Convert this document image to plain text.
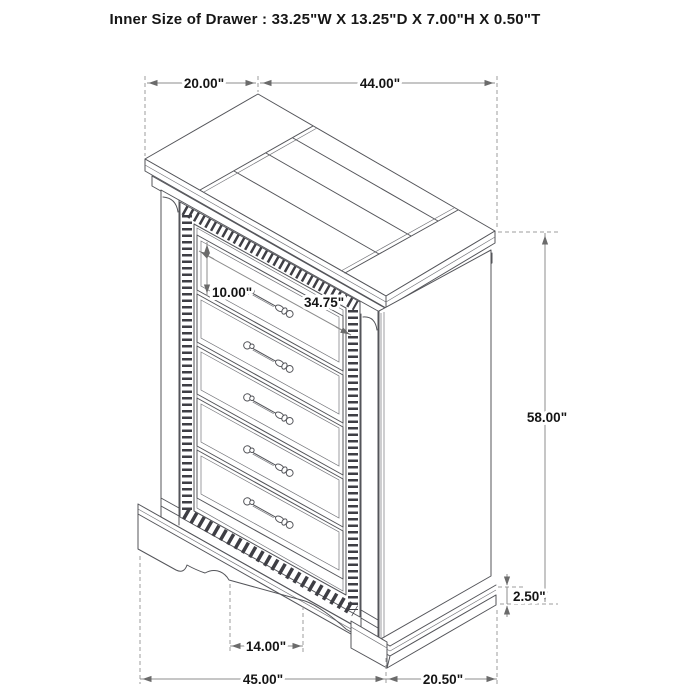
Inner Size of Drawer : 33.25"W X 13.25"D X 7.00"H X 0.50"T
20.00"	44.00"
58.00"
2.50"
10.00"
34.75"
14.00"
45.00"	20.50"
